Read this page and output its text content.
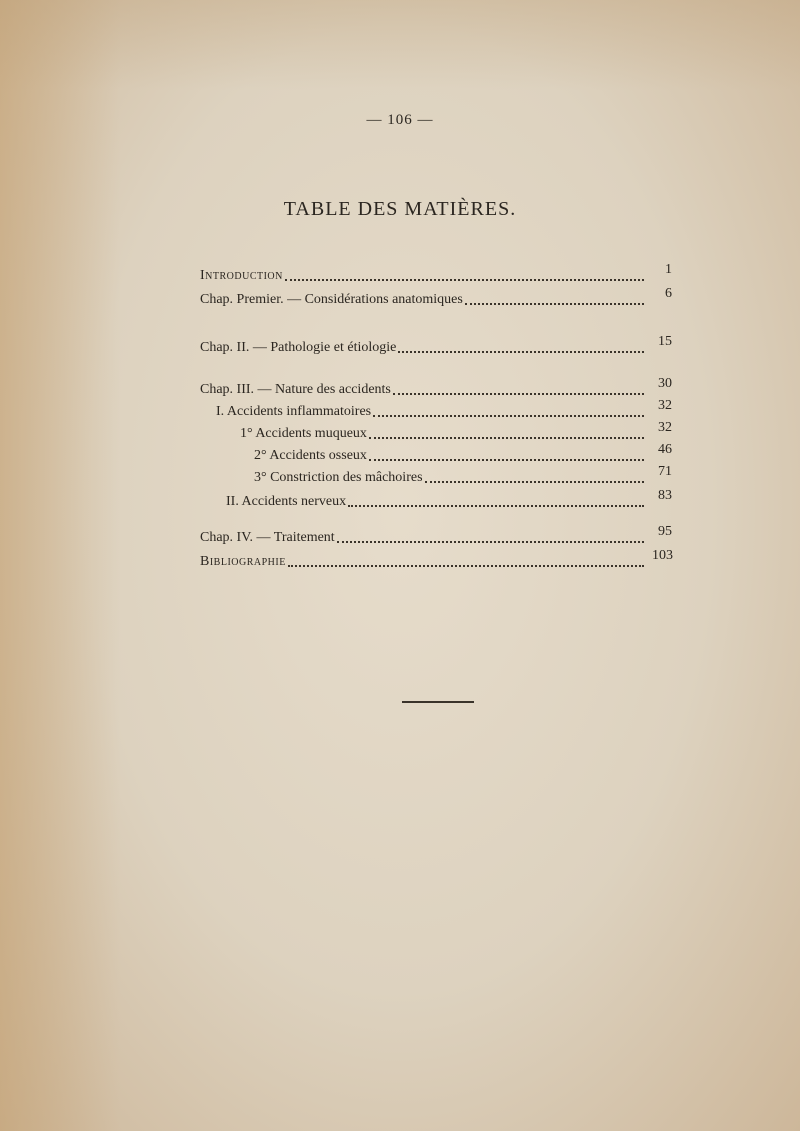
— 106 —
TABLE DES MATIÈRES.
Introduction	1
Chap. Premier. — Considérations anatomiques	6
Chap. II. — Pathologie et étiologie	15
Chap. III. — Nature des accidents	30
I. Accidents inflammatoires	32
1° Accidents muqueux	32
2° Accidents osseux	46
3° Constriction des mâchoires	71
II. Accidents nerveux	83
Chap. IV. — Traitement	95
Bibliographie	103
